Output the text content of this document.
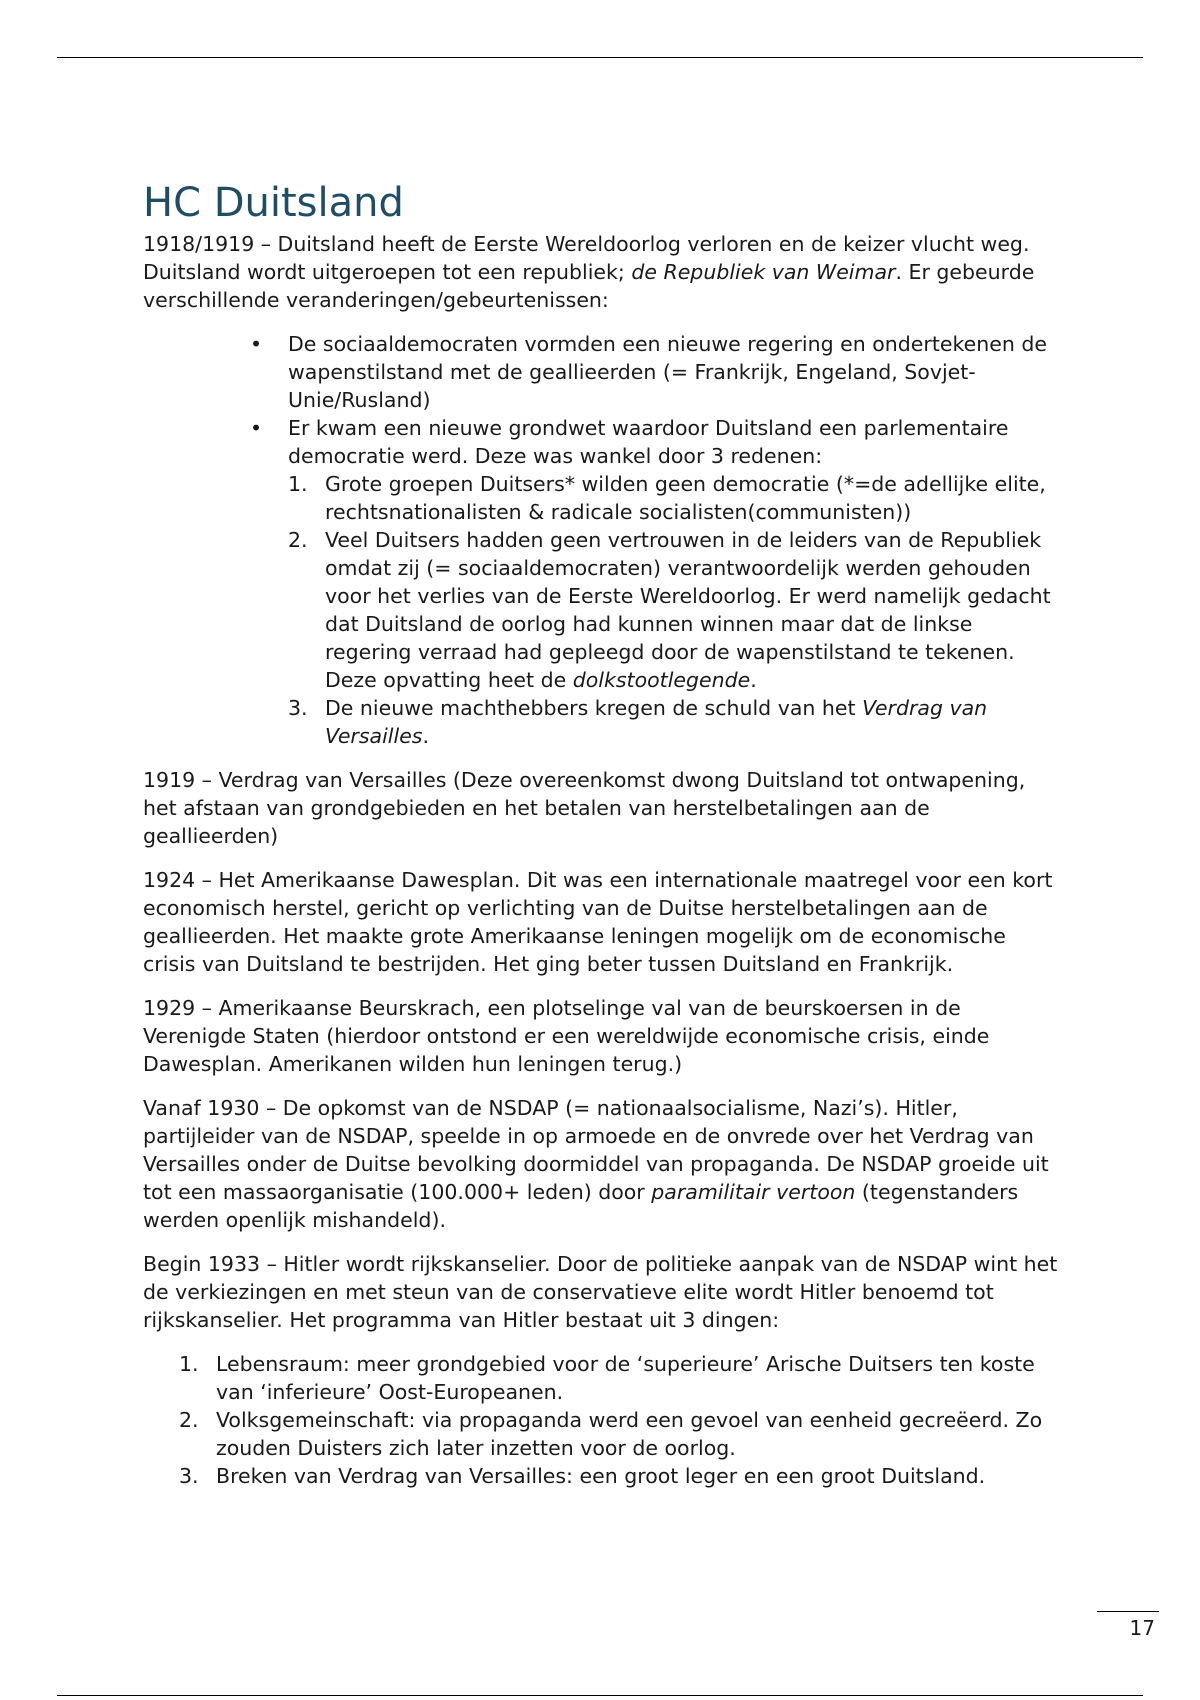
HC Duitsland

1918/1919 – Duitsland heeft de Eerste Wereldoorlog verloren en de keizer vlucht weg. Duitsland wordt uitgeroepen tot een republiek; de Republiek van Weimar. Er gebeurde verschillende veranderingen/gebeurtenissen:

• De sociaaldemocraten vormden een nieuwe regering en ondertekenen de wapenstilstand met de geallieerden (= Frankrijk, Engeland, Sovjet-Unie/Rusland)
• Er kwam een nieuwe grondwet waardoor Duitsland een parlementaire democratie werd. Deze was wankel door 3 redenen:
1. Grote groepen Duitsers* wilden geen democratie (*=de adellijke elite, rechtsnationalisten & radicale socialisten(communisten))
2. Veel Duitsers hadden geen vertrouwen in de leiders van de Republiek omdat zij (= sociaaldemocraten) verantwoordelijk werden gehouden voor het verlies van de Eerste Wereldoorlog. Er werd namelijk gedacht dat Duitsland de oorlog had kunnen winnen maar dat de linkse regering verraad had gepleegd door de wapenstilstand te tekenen. Deze opvatting heet de dolkstootlegende.
3. De nieuwe machthebbers kregen de schuld van het Verdrag van Versailles.

1919 – Verdrag van Versailles (Deze overeenkomst dwong Duitsland tot ontwapening, het afstaan van grondgebieden en het betalen van herstelbetalingen aan de geallieerden)

1924 – Het Amerikaanse Dawesplan. Dit was een internationale maatregel voor een kort economisch herstel, gericht op verlichting van de Duitse herstelbetalingen aan de geallieerden. Het maakte grote Amerikaanse leningen mogelijk om de economische crisis van Duitsland te bestrijden. Het ging beter tussen Duitsland en Frankrijk.

1929 – Amerikaanse Beurskrach, een plotselinge val van de beurskoersen in de Verenigde Staten (hierdoor ontstond er een wereldwijde economische crisis, einde Dawesplan. Amerikanen wilden hun leningen terug.)

Vanaf 1930 – De opkomst van de NSDAP (= nationaalsocialisme, Nazi’s). Hitler, partijleider van de NSDAP, speelde in op armoede en de onvrede over het Verdrag van Versailles onder de Duitse bevolking doormiddel van propaganda. De NSDAP groeide uit tot een massaorganisatie (100.000+ leden) door paramilitair vertoon (tegenstanders werden openlijk mishandeld).

Begin 1933 – Hitler wordt rijkskanselier. Door de politieke aanpak van de NSDAP wint het de verkiezingen en met steun van de conservatieve elite wordt Hitler benoemd tot rijkskanselier. Het programma van Hitler bestaat uit 3 dingen:

1. Lebensraum: meer grondgebied voor de ‘superieure’ Arische Duitsers ten koste van ‘inferieure’ Oost-Europeanen.
2. Volksgemeinschaft: via propaganda werd een gevoel van eenheid gecreëerd. Zo zouden Duisters zich later inzetten voor de oorlog.
3. Breken van Verdrag van Versailles: een groot leger en een groot Duitsland.
17
